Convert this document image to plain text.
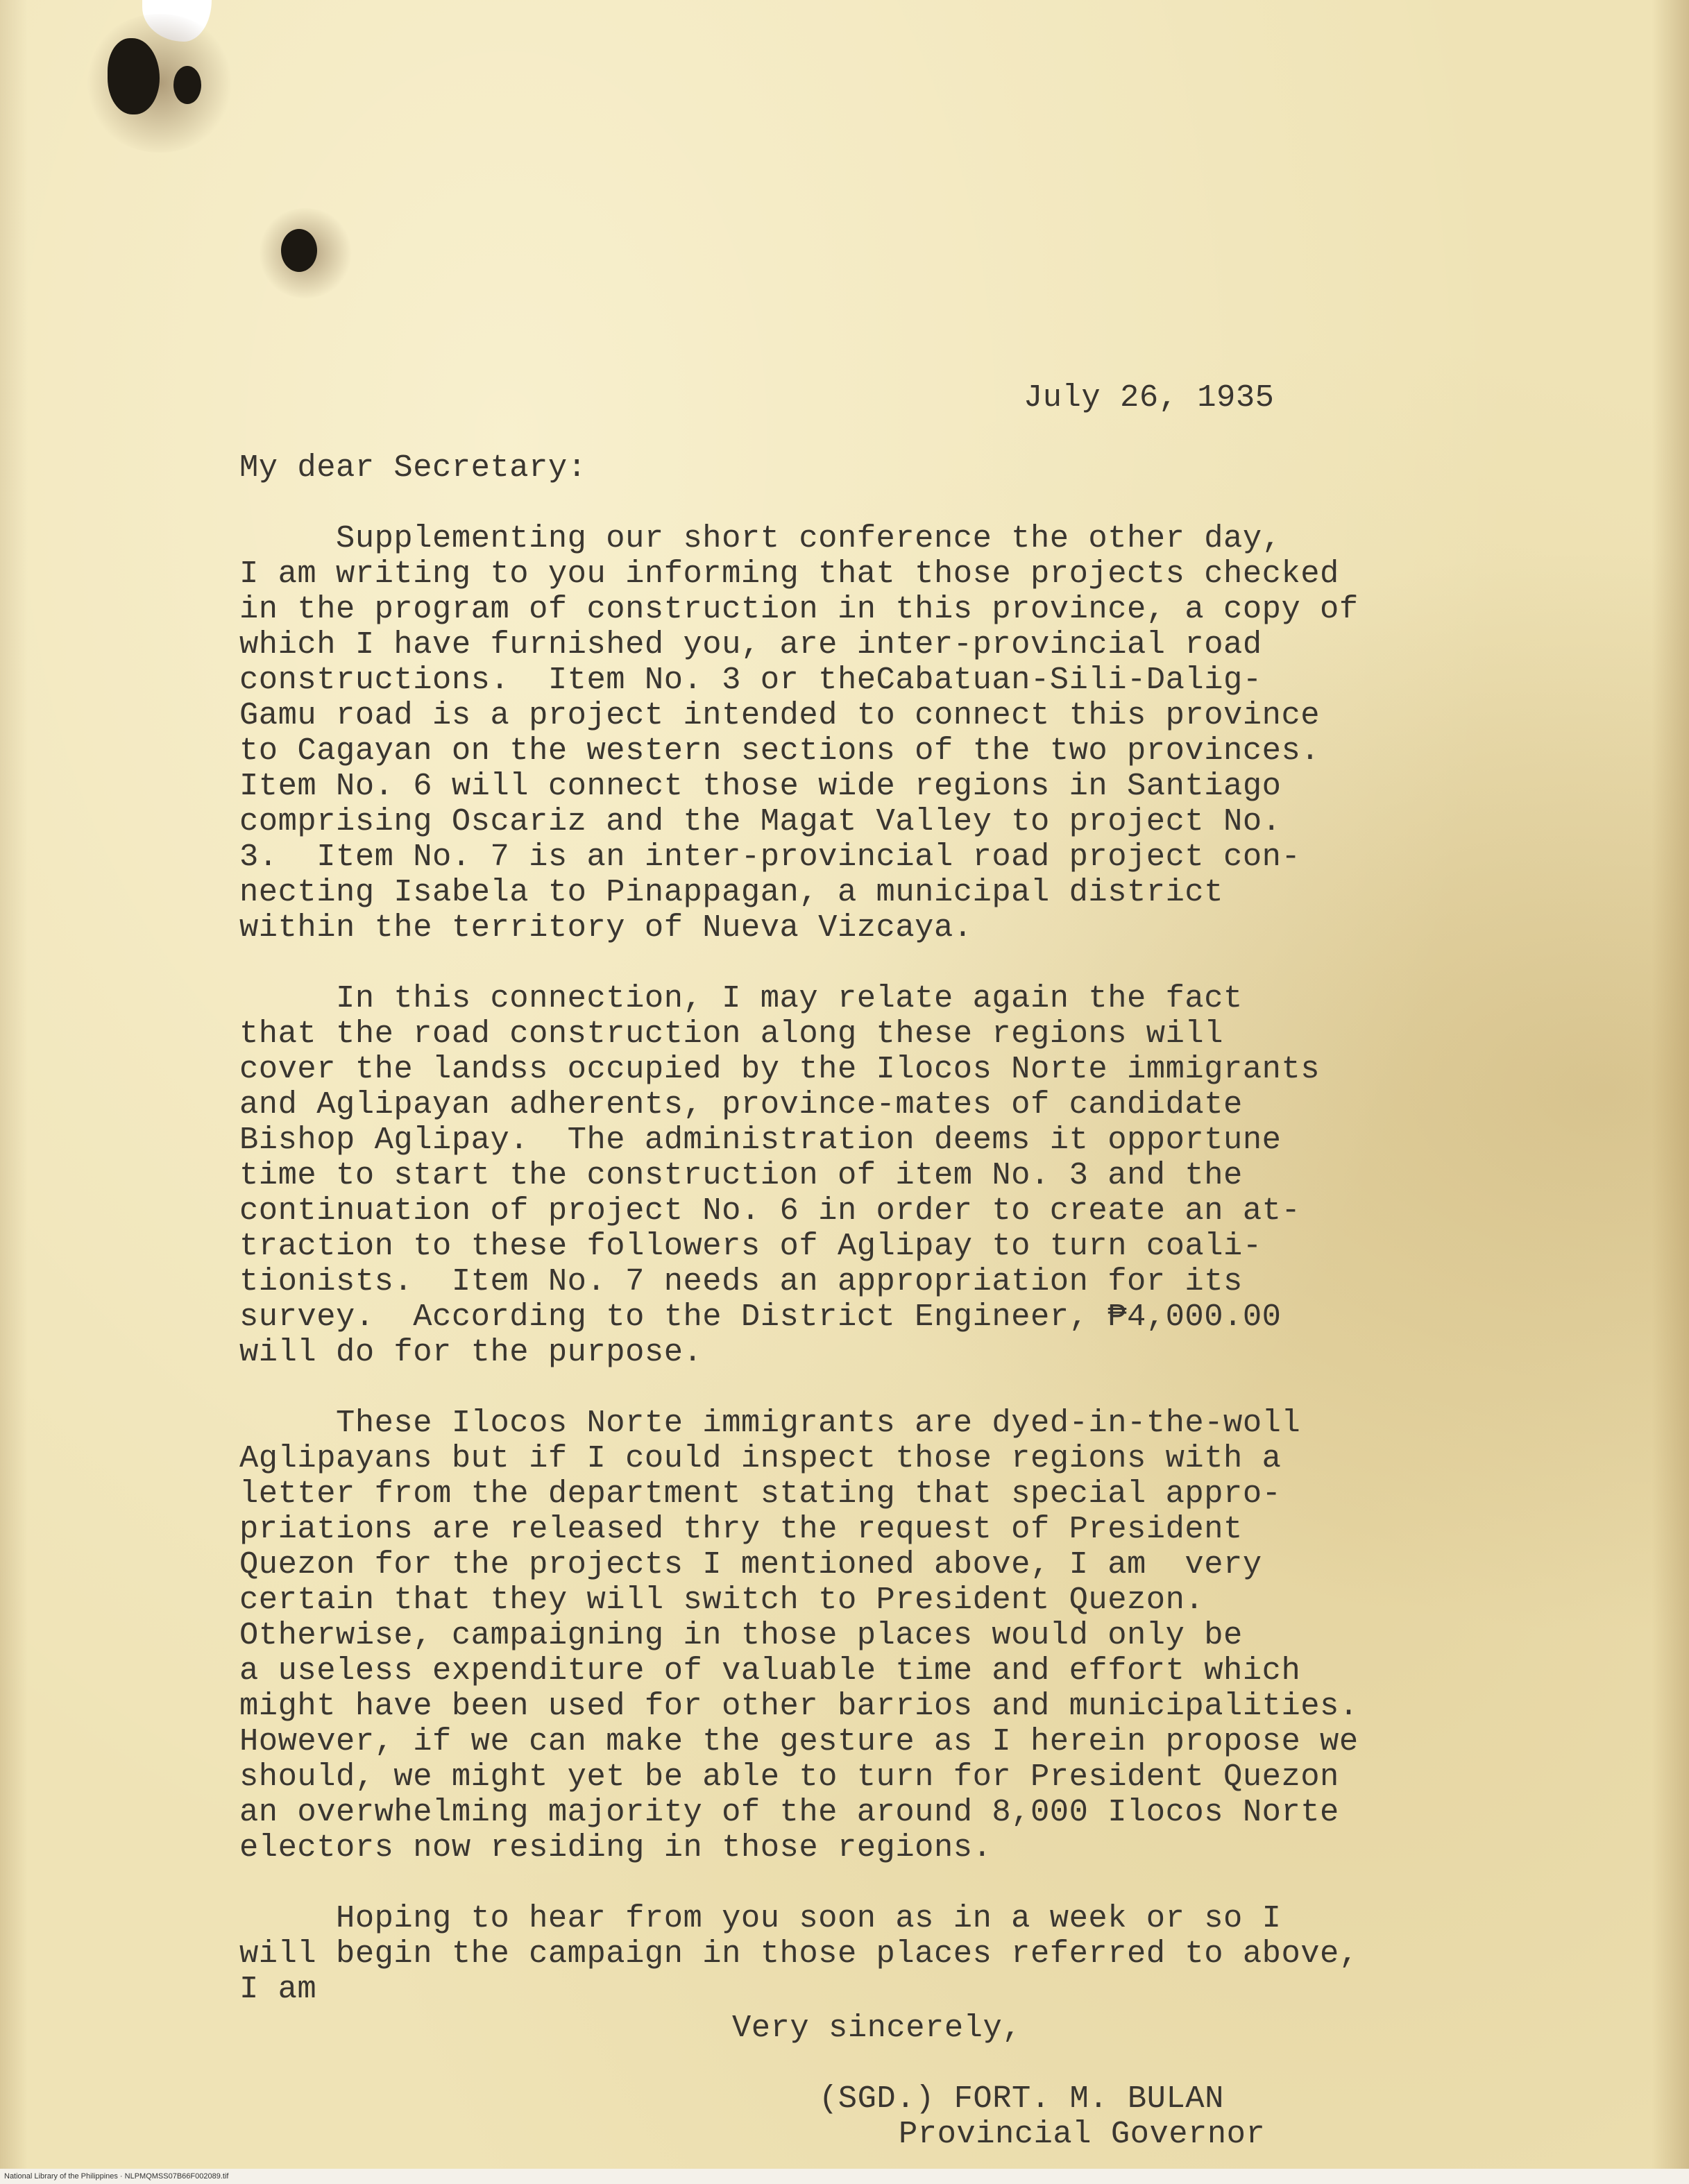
July 26, 1935
My dear Secretary:
Supplementing our short conference the other day,
I am writing to you informing that those projects checked
in the program of construction in this province, a copy of
which I have furnished you, are inter-provincial road
constructions.  Item No. 3 or theCabatuan-Sili-Dalig-
Gamu road is a project intended to connect this province
to Cagayan on the western sections of the two provinces.
Item No. 6 will connect those wide regions in Santiago
comprising Oscariz and the Magat Valley to project No.
3.  Item No. 7 is an inter-provincial road project con-
necting Isabela to Pinappagan, a municipal district
within the territory of Nueva Vizcaya.
In this connection, I may relate again the fact
that the road construction along these regions will
cover the landss occupied by the Ilocos Norte immigrants
and Aglipayan adherents, province-mates of candidate
Bishop Aglipay.  The administration deems it opportune
time to start the construction of item No. 3 and the
continuation of project No. 6 in order to create an at-
traction to these followers of Aglipay to turn coali-
tionists.  Item No. 7 needs an appropriation for its
survey.  According to the District Engineer, ₱4,000.00
will do for the purpose.
These Ilocos Norte immigrants are dyed-in-the-woll
Aglipayans but if I could inspect those regions with a
letter from the department stating that special appro-
priations are released thry the request of President
Quezon for the projects I mentioned above, I am  very
certain that they will switch to President Quezon.
Otherwise, campaigning in those places would only be
a useless expenditure of valuable time and effort which
might have been used for other barrios and municipalities.
However, if we can make the gesture as I herein propose we
should, we might yet be able to turn for President Quezon
an overwhelming majority of the around 8,000 Ilocos Norte
electors now residing in those regions.
Hoping to hear from you soon as in a week or so I
will begin the campaign in those places referred to above,
I am
Very sincerely,
(SGD.) FORT. M. BULAN
Provincial Governor
National Library of the Philippines · NLPMQMSS07B66F002089.tif
